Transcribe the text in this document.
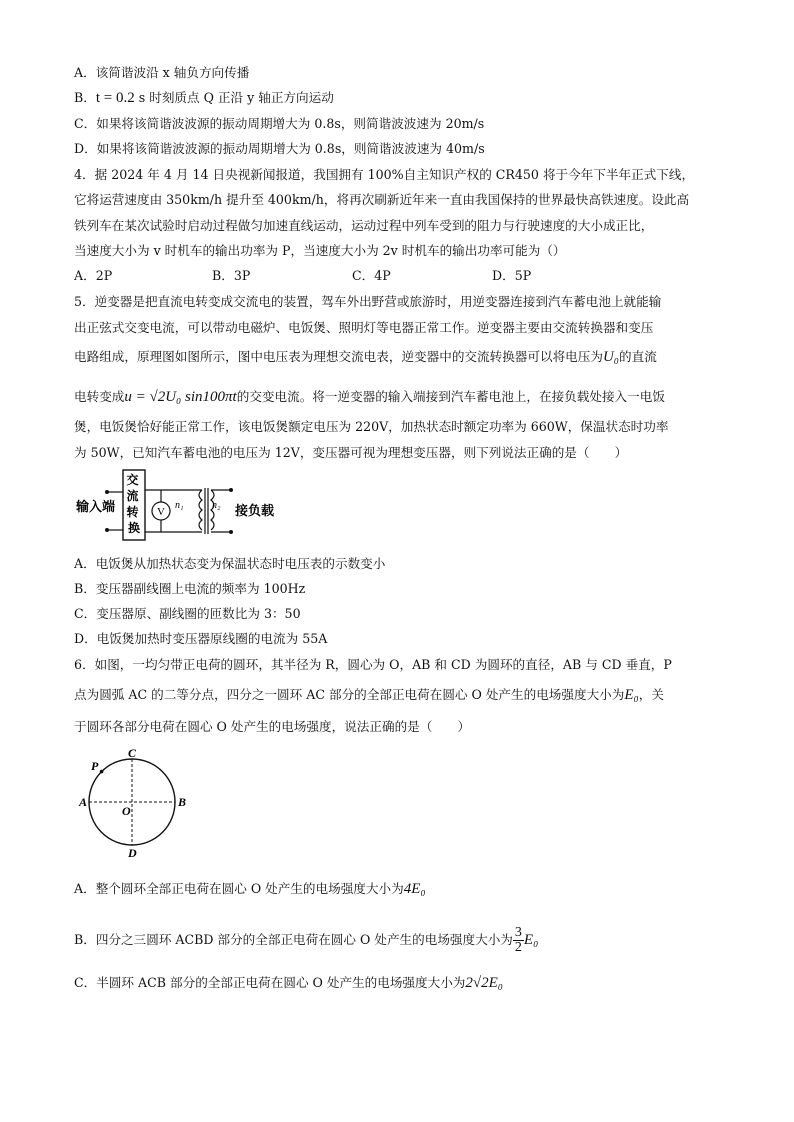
A．该简谐波沿 x 轴负方向传播
B．t = 0.2 s 时刻质点 Q 正沿 y 轴正方向运动
C．如果将该简谐波波源的振动周期增大为 0.8s，则简谐波波速为 20m/s
D．如果将该简谐波波源的振动周期增大为 0.8s，则简谐波波速为 40m/s
4．据 2024 年 4 月 14 日央视新闻报道，我国拥有 100%自主知识产权的 CR450 将于今年下半年正式下线，
它将运营速度由 350km/h 提升至 400km/h，将再次刷新近年来一直由我国保持的世界最快高铁速度。设此高
铁列车在某次试验时启动过程做匀加速直线运动，运动过程中列车受到的阻力与行驶速度的大小成正比，
当速度大小为 v 时机车的输出功率为 P，当速度大小为 2v 时机车的输出功率可能为（）
A．2P	B．3P	C．4P	D．5P
5．逆变器是把直流电转变成交流电的装置，驾车外出野营或旅游时，用逆变器连接到汽车蓄电池上就能输
出正弦式交变电流，可以带动电磁炉、电饭煲、照明灯等电器正常工作。逆变器主要由交流转换器和变压
电路组成，原理图如图所示，图中电压表为理想交流电表，逆变器中的交流转换器可以将电压为U₀的直流
电转变成u = √2U₀ sin100πt的交变电流。将一逆变器的输入端接到汽车蓄电池上，在接负载处接入一电饭
煲，电饭煲恰好能正常工作，该电饭煲额定电压为 220V，加热状态时额定功率为 660W，保温状态时功率
为 50W，已知汽车蓄电池的电压为 12V，变压器可视为理想变压器，则下列说法正确的是（　　）
输入端
交 流 转 换
V
n₁	n₂ 接负载
A．电饭煲从加热状态变为保温状态时电压表的示数变小
B．变压器副线圈上电流的频率为 100Hz
C．变压器原、副线圈的匝数比为 3：50
D．电饭煲加热时变压器原线圈的电流为 55A
6．如图，一均匀带正电荷的圆环，其半径为 R，圆心为 O，AB 和 CD 为圆环的直径，AB 与 CD 垂直，P
点为圆弧 AC 的二等分点，四分之一圆环 AC 部分的全部正电荷在圆心 O 处产生的电场强度大小为E₀，关
于圆环各部分电荷在圆心 O 处产生的电场强度，说法正确的是（　　）
C
P
A
O
B
D
A．整个圆环全部正电荷在圆心 O 处产生的电场强度大小为4E₀
B．四分之三圆环 ACBD 部分的全部正电荷在圆心 O 处产生的电场强度大小为 $\frac{3}{2} E_0$
C．半圆环 ACB 部分的全部正电荷在圆心 O 处产生的电场强度大小为2√2E₀
